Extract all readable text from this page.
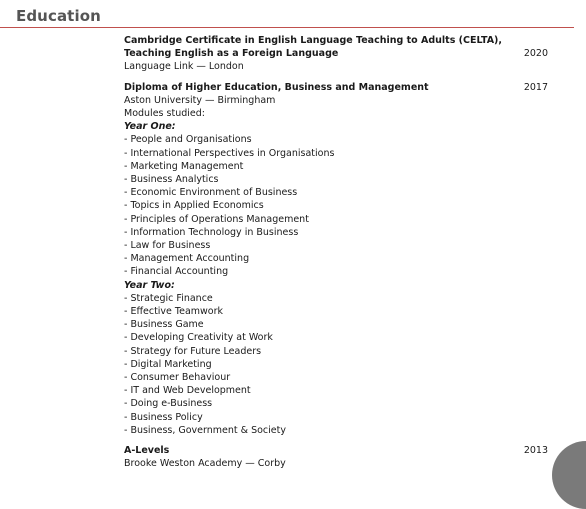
Education
2020
Cambridge Certificate in English Language Teaching to Adults (CELTA), Teaching English as a Foreign Language
Language Link — London
2017
Diploma of Higher Education, Business and Management
Aston University — Birmingham
Modules studied:
Year One:
- People and Organisations
- International Perspectives in Organisations
- Marketing Management
- Business Analytics
- Economic Environment of Business
- Topics in Applied Economics
- Principles of Operations Management
- Information Technology in Business
- Law for Business
- Management Accounting
- Financial Accounting
Year Two:
- Strategic Finance
- Effective Teamwork
- Business Game
- Developing Creativity at Work
- Strategy for Future Leaders
- Digital Marketing
- Consumer Behaviour
- IT and Web Development
- Doing e-Business
- Business Policy
- Business, Government & Society
2013
A-Levels
Brooke Weston Academy — Corby
